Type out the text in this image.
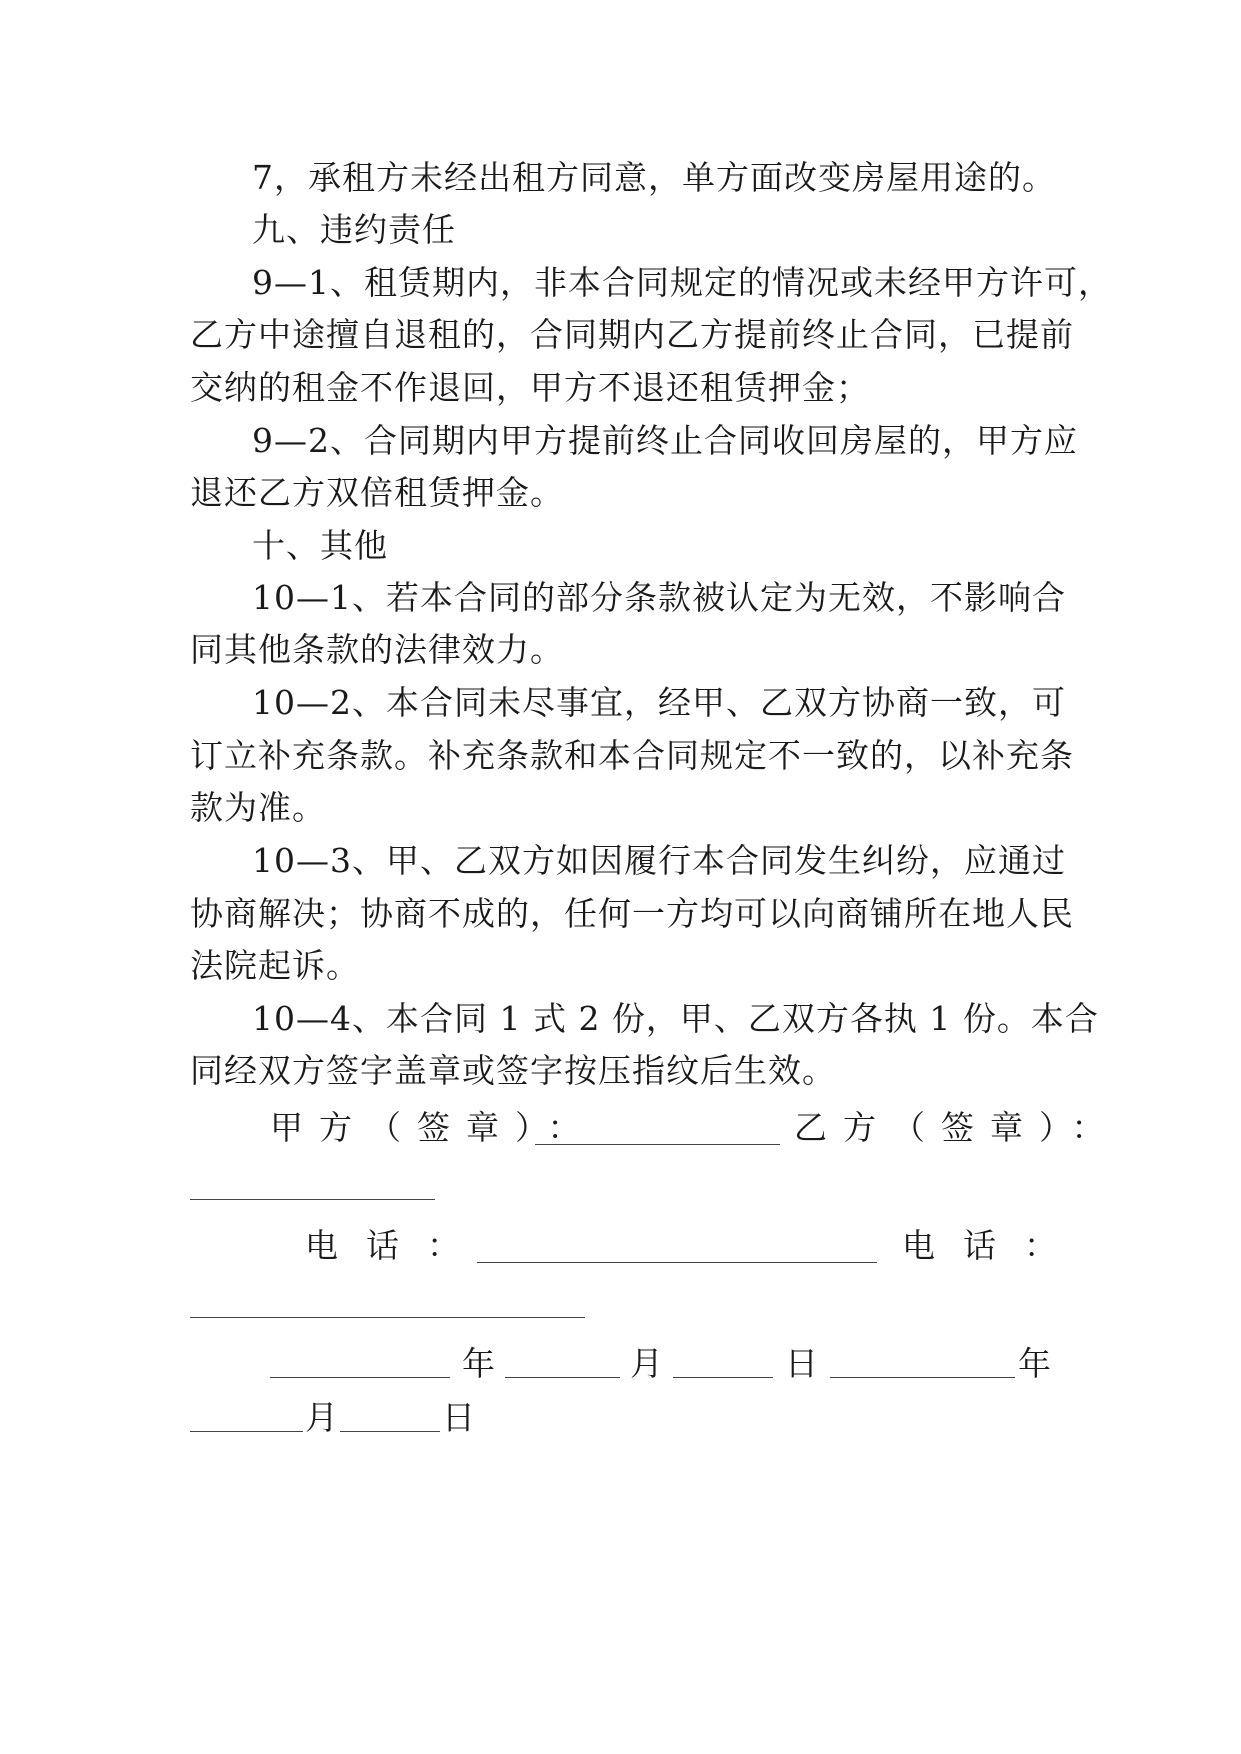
7，承租方未经出租方同意，单方面改变房屋用途的。
九、违约责任
9—1、租赁期内，非本合同规定的情况或未经甲方许可，
乙方中途擅自退租的，合同期内乙方提前终止合同，已提前
交纳的租金不作退回，甲方不退还租赁押金；
9—2、合同期内甲方提前终止合同收回房屋的，甲方应
退还乙方双倍租赁押金。
十、其他
10—1、若本合同的部分条款被认定为无效，不影响合
同其他条款的法律效力。
10—2、本合同未尽事宜，经甲、乙双方协商一致，可
订立补充条款。补充条款和本合同规定不一致的，以补充条
款为准。
10—3、甲、乙双方如因履行本合同发生纠纷，应通过
协商解决；协商不成的，任何一方均可以向商铺所在地人民
法院起诉。
10—4、本合同 1 式 2 份，甲、乙双方各执 1 份。本合
同经双方签字盖章或签字按压指纹后生效。
甲方（签章）：	乙方（签章）：
电话：	电话：
年	月	日	年
月	日
